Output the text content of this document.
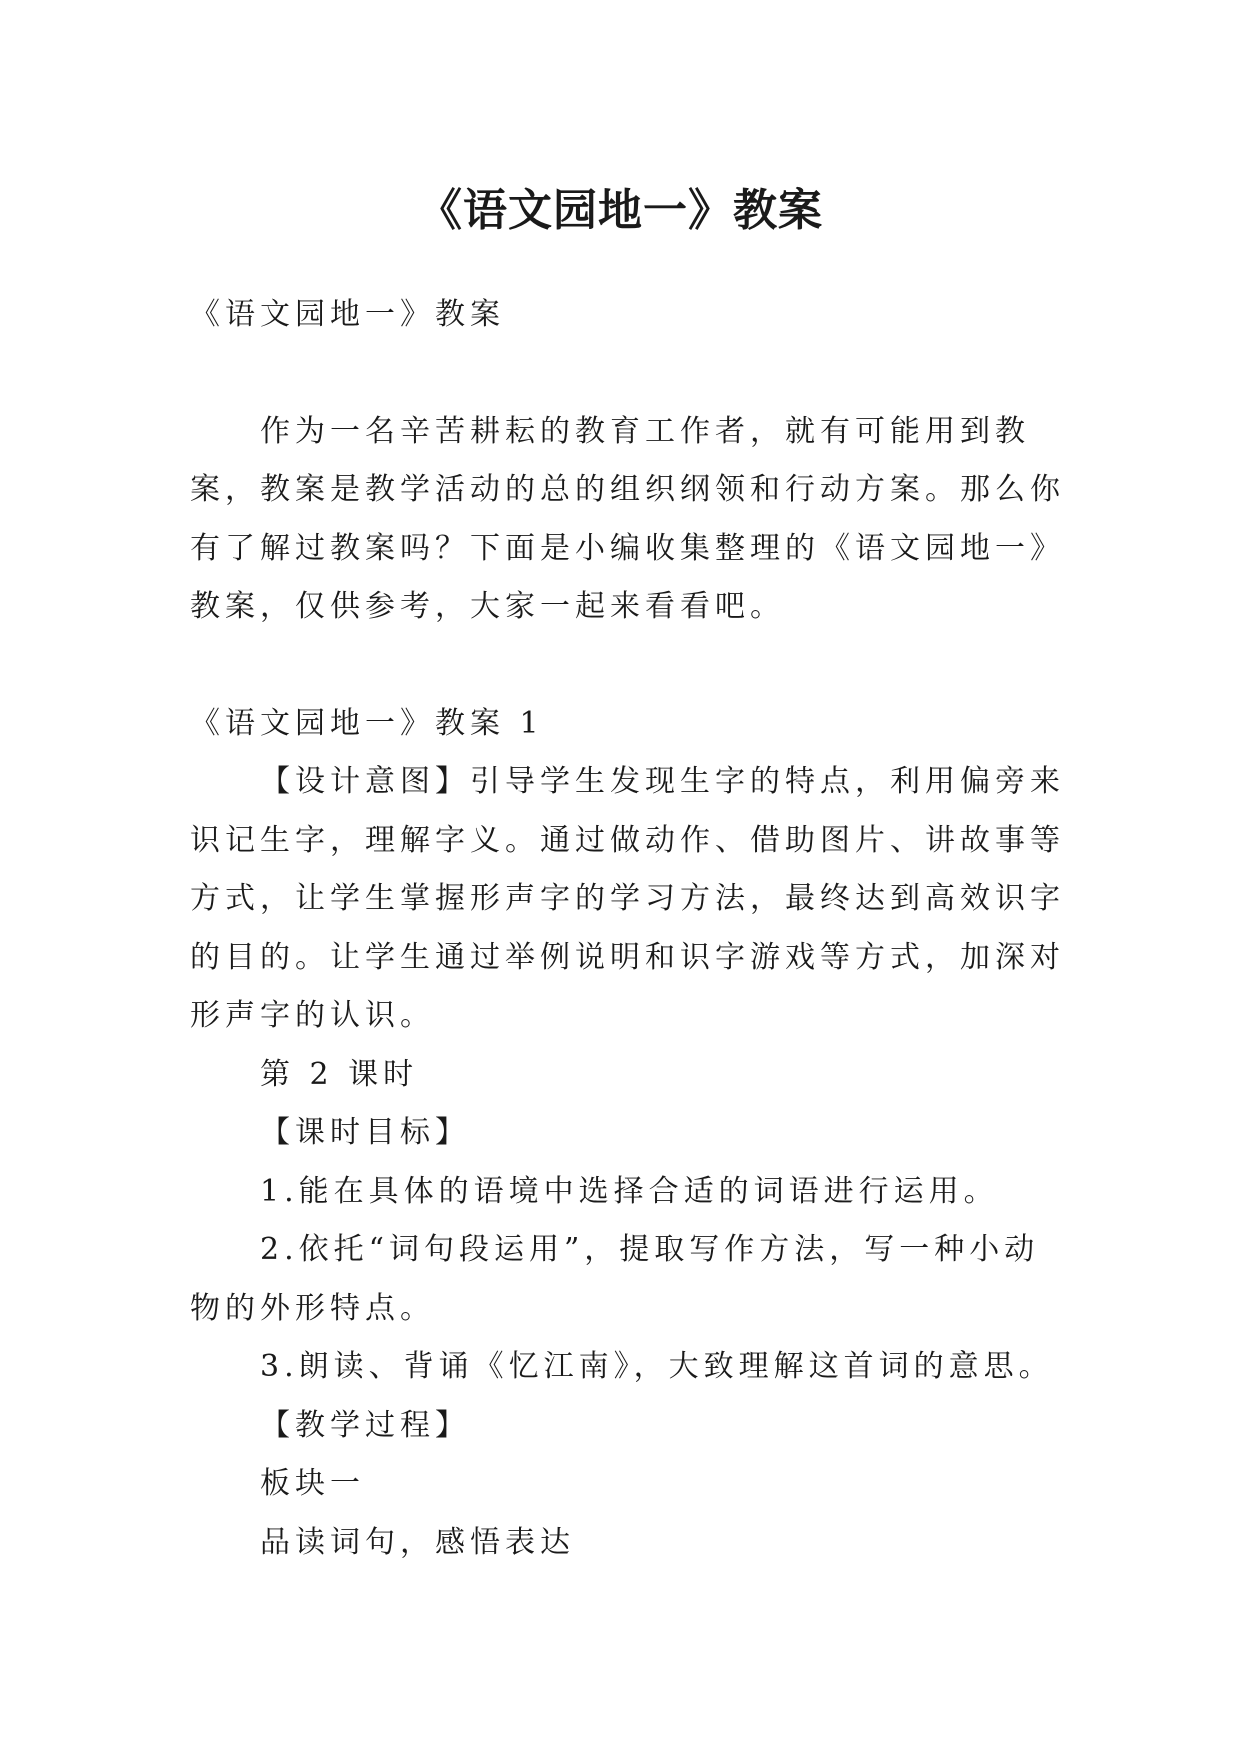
《语文园地一》教案

《语文园地一》教案

作为一名辛苦耕耘的教育工作者，就有可能用到教案，教案是教学活动的总的组织纲领和行动方案。那么你有了解过教案吗？下面是小编收集整理的《语文园地一》教案，仅供参考，大家一起来看看吧。

《语文园地一》教案 1

【设计意图】引导学生发现生字的特点，利用偏旁来识记生字，理解字义。通过做动作、借助图片、讲故事等方式，让学生掌握形声字的学习方法，最终达到高效识字的目的。让学生通过举例说明和识字游戏等方式，加深对形声字的认识。

第 2 课时

【课时目标】

1.能在具体的语境中选择合适的词语进行运用。

2.依托“词句段运用”，提取写作方法，写一种小动物的外形特点。

3.朗读、背诵《忆江南》，大致理解这首词的意思。

【教学过程】

板块一

品读词句，感悟表达
